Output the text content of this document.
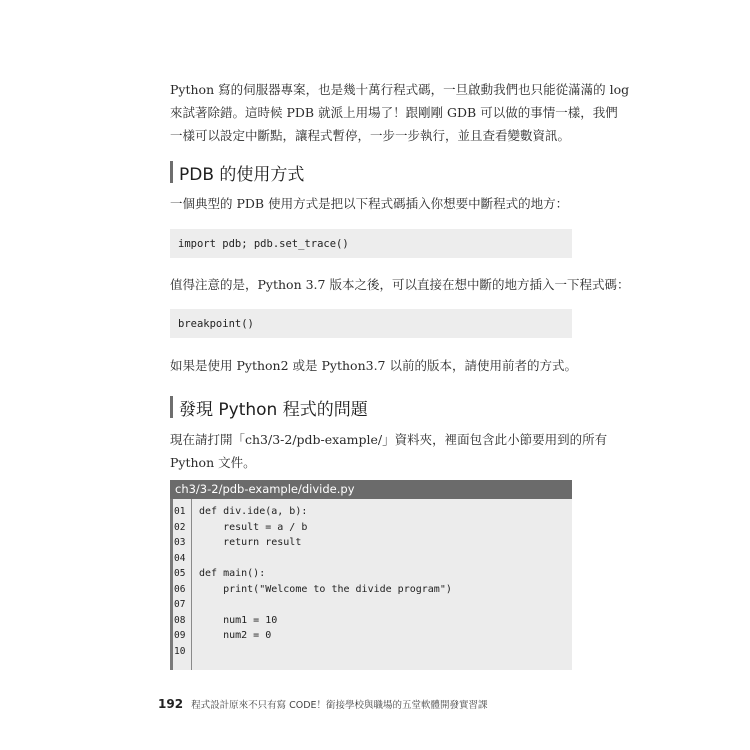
Python 寫的伺服器專案，也是幾十萬行程式碼，一旦啟動我們也只能從滿滿的 log
來試著除錯。這時候 PDB 就派上用場了！跟剛剛 GDB 可以做的事情一樣，我們
一樣可以設定中斷點，讓程式暫停，一步一步執行，並且查看變數資訊。
PDB 的使用方式
一個典型的 PDB 使用方式是把以下程式碼插入你想要中斷程式的地方：
import pdb; pdb.set_trace()
值得注意的是，Python 3.7 版本之後，可以直接在想中斷的地方插入一下程式碼：
breakpoint()
如果是使用 Python2 或是 Python3.7 以前的版本，請使用前者的方式。
發現 Python 程式的問題
現在請打開「ch3/3-2/pdb-example/」資料夾，裡面包含此小節要用到的所有
Python 文件。
ch3/3-2/pdb-example/divide.py
01	def div.ide(a, b):
02	result = a / b
03	return result
04
05	def main():
06	print("Welcome to the divide program")
07
08	num1 = 10
09	num2 = 0
10
192 程式設計原來不只有寫 CODE！銜接學校與職場的五堂軟體開發實習課
